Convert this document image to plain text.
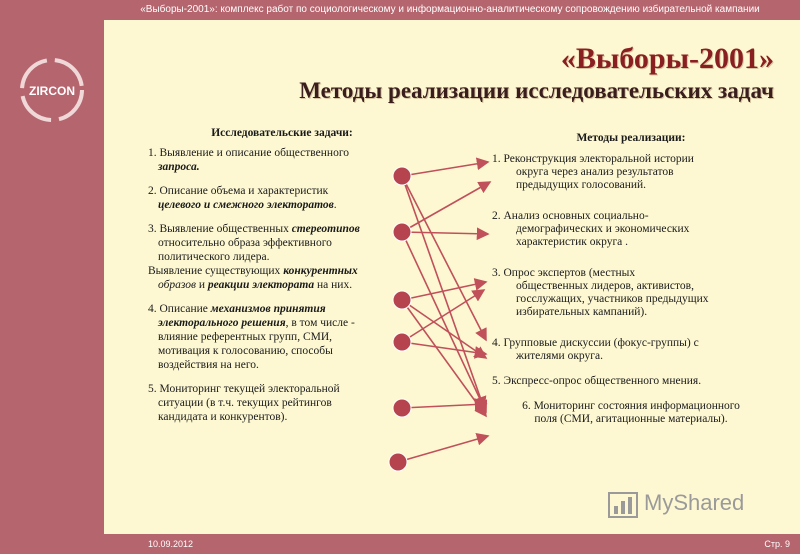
«Выборы-2001»: комплекс работ по социологическому и информационно-аналитическому сопровождению избирательной кампании
ZIRCON
«Выборы-2001»
Методы реализации исследовательских задач
Исследовательские задачи:
1. Выявление и описание общественного
запроса.
2. Описание объема и характеристик
целевого и смежного электоратов.
3. Выявление общественных стереотипов
относительно образа эффективного
политического лидера.
Выявление существующих конкурентных
образов и реакции электората на них.
4. Описание механизмов принятия
электорального решения, в том числе -
влияние референтных групп, СМИ,
мотивация к голосованию, способы
воздействия на него.
5. Мониторинг текущей электоральной
ситуации (в т.ч. текущих рейтингов
кандидата и конкурентов).
Методы реализации:
1. Реконструкция электоральной истории
округа через анализ результатов
предыдущих голосований.
2. Анализ основных социально-
демографических и экономических
характеристик округа .
3. Опрос экспертов (местных
общественных лидеров, активистов,
госслужащих, участников предыдущих
избирательных кампаний).
4. Групповые дискуссии (фокус-группы) с
жителями округа.
5. Экспресс-опрос общественного мнения.
6. Мониторинг состояния информационного
поля (СМИ, агитационные материалы).
MyShared
10.09.2012	Стр. 9
